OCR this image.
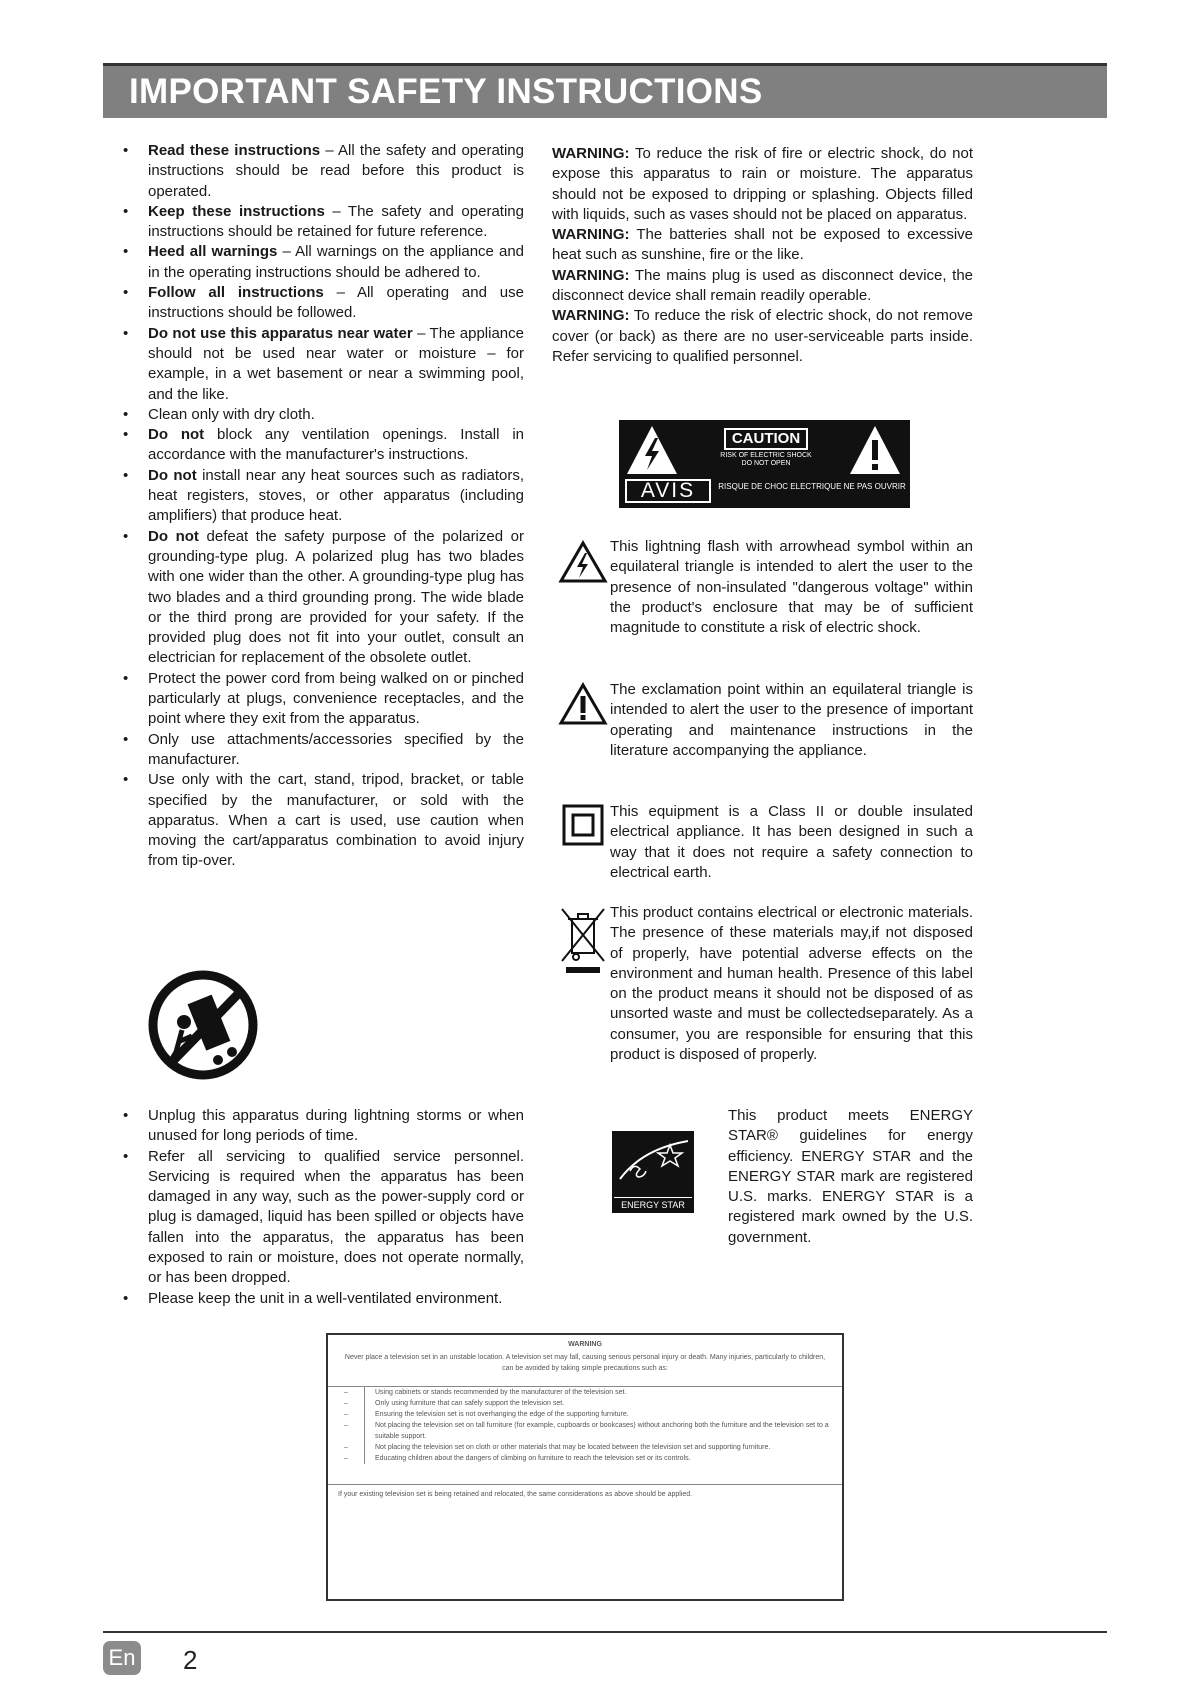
IMPORTANT SAFETY INSTRUCTIONS
• Read these instructions – All the safety and operating instructions should be read before this product is operated.
• Keep these instructions – The safety and operating instructions should be retained for future reference.
• Heed all warnings – All warnings on the appliance and in the operating instructions should be adhered to.
• Follow all instructions – All operating and use instructions should be followed.
• Do not use this apparatus near water – The appliance should not be used near water or moisture – for example, in a wet basement or near a swimming pool, and the like.
• Clean only with dry cloth.
• Do not block any ventilation openings. Install in accordance with the manufacturer's instructions.
• Do not install near any heat sources such as radiators, heat registers, stoves, or other apparatus (including amplifiers) that produce heat.
• Do not defeat the safety purpose of the polarized or grounding-type plug. A polarized plug has two blades with one wider than the other. A grounding-type plug has two blades and a third grounding prong. The wide blade or the third prong are provided for your safety. If the provided plug does not fit into your outlet, consult an electrician for replacement of the obsolete outlet.
• Protect the power cord from being walked on or pinched particularly at plugs, convenience receptacles, and the point where they exit from the apparatus.
• Only use attachments/accessories specified by the manufacturer.
• Use only with the cart, stand, tripod, bracket, or table specified by the manufacturer, or sold with the apparatus. When a cart is used, use caution when moving the cart/apparatus combination to avoid injury from tip-over.
• Unplug this apparatus during lightning storms or when unused for long periods of time.
• Refer all servicing to qualified service personnel. Servicing is required when the apparatus has been damaged in any way, such as the power-supply cord or plug is damaged, liquid has been spilled or objects have fallen into the apparatus, the apparatus has been exposed to rain or moisture, does not operate normally, or has been dropped.
• Please keep the unit in a well-ventilated environment.

WARNING: To reduce the risk of fire or electric shock, do not expose this apparatus to rain or moisture. The apparatus should not be exposed to dripping or splashing. Objects filled with liquids, such as vases should not be placed on apparatus.

WARNING: The batteries shall not be exposed to excessive heat such as sunshine, fire or the like.

WARNING: The mains plug is used as disconnect device, the disconnect device shall remain readily operable.

WARNING: To reduce the risk of electric shock, do not remove cover (or back) as there are no user-serviceable parts inside. Refer servicing to qualified personnel.

CAUTION
RISK OF ELECTRIC SHOCK DO NOT OPEN
AVIS	RISQUE DE CHOC ELECTRIQUE NE PAS OUVRIR
This lightning flash with arrowhead symbol within an equilateral triangle is intended to alert the user to the presence of non-insulated "dangerous voltage" within the product's enclosure that may be of sufficient magnitude to constitute a risk of electric shock.
The exclamation point within an equilateral triangle is intended to alert the user to the presence of important operating and maintenance instructions in the literature accompanying the appliance.
This equipment is a Class II or double insulated electrical appliance. It has been designed in such a way that it does not require a safety connection to electrical earth.
This product contains electrical or electronic materials. The presence of these materials may,if not disposed of properly, have potential adverse effects on the environment and human health. Presence of this label on the product means it should not be disposed of as unsorted waste and must be collectedseparately. As a consumer, you are responsible for ensuring that this product is disposed of properly.
ENERGY STAR
This product meets ENERGY STAR® guidelines for energy efficiency. ENERGY STAR and the ENERGY STAR mark are registered U.S. marks. ENERGY STAR is a registered mark owned by the U.S. government.
WARNING
Never place a television set in an unstable location. A television set may fall, causing serious personal injury or death. Many injuries, particularly to children, can be avoided by taking simple precautions such as:
–	Using cabinets or stands recommended by the manufacturer of the television set.
–	Only using furniture that can safely support the television set.
–	Ensuring the television set is not overhanging the edge of the supporting furniture.
–	Not placing the television set on tall furniture (for example, cupboards or bookcases) without anchoring both the furniture and the television set to a suitable support.
–	Not placing the television set on cloth or other materials that may be located between the television set and supporting furniture.
–	Educating children about the dangers of climbing on furniture to reach the television set or its controls.
If your existing television set is being retained and relocated, the same considerations as above should be applied.
En 2
